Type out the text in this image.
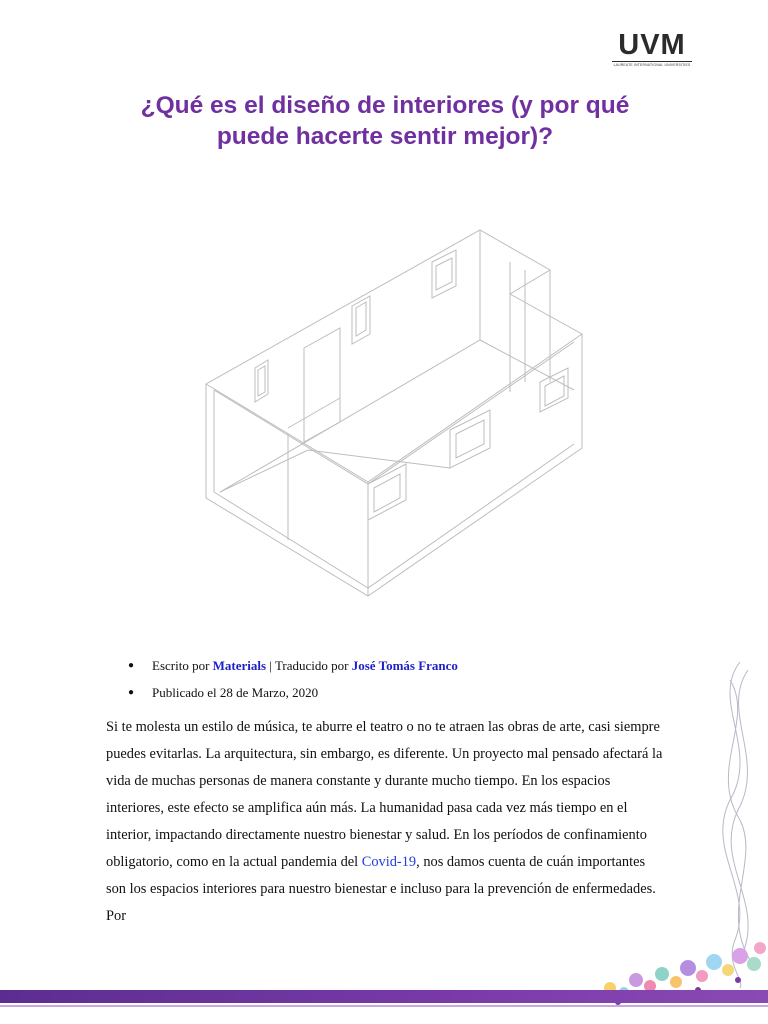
UVM
LAUREATE INTERNATIONAL UNIVERSITIES
¿Qué es el diseño de interiores (y por qué
puede hacerte sentir mejor)?
● Escrito por Materials | Traducido por José Tomás Franco
● Publicado el 28 de Marzo, 2020

Si te molesta un estilo de música, te aburre el teatro o no te atraen las obras de arte, casi siempre puedes evitarlas. La arquitectura, sin embargo, es diferente. Un proyecto mal pensado afectará la vida de muchas personas de manera constante y durante mucho tiempo. En los espacios interiores, este efecto se amplifica aún más. La humanidad pasa cada vez más tiempo en el interior, impactando directamente nuestro bienestar y salud. En los períodos de confinamiento obligatorio, como en la actual pandemia del Covid-19, nos damos cuenta de cuán importantes son los espacios interiores para nuestro bienestar e incluso para la prevención de enfermedades. Por
